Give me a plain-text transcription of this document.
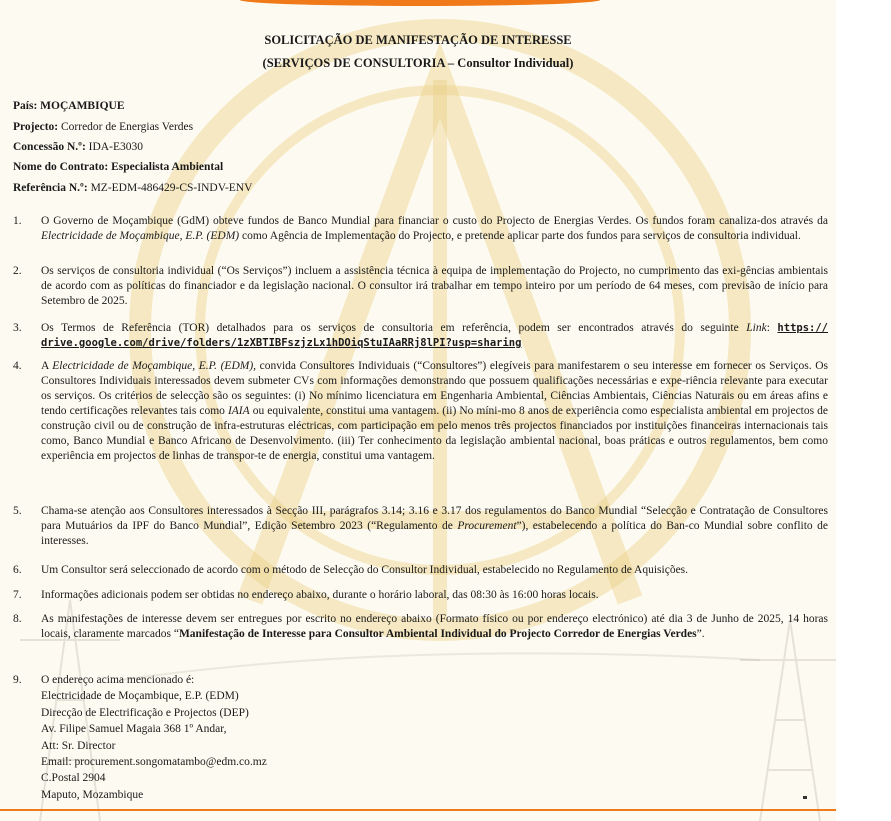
SOLICITAÇÃO DE MANIFESTAÇÃO DE INTERESSE
(SERVIÇOS DE CONSULTORIA – Consultor Individual)
País: MOÇAMBIQUE
Projecto: Corredor de Energias Verdes
Concessão N.º: IDA-E3030
Nome do Contrato: Especialista Ambiental
Referência N.º: MZ-EDM-486429-CS-INDV-ENV
1.	O Governo de Moçambique (GdM) obteve fundos de Banco Mundial para financiar o custo do Projecto de Energias Verdes. Os fundos foram canaliza-dos através da Electricidade de Moçambique, E.P. (EDM) como Agência de Implementação do Projecto, e pretende aplicar parte dos fundos para serviços de consultoria individual.

2.	Os serviços de consultoria individual (“Os Serviços”) incluem a assistência técnica à equipa de implementação do Projecto, no cumprimento das exi-gências ambientais de acordo com as políticas do financiador e da legislação nacional. O consultor irá trabalhar em tempo inteiro por um período de 64 meses, com previsão de início para Setembro de 2025.

3.	Os Termos de Referência (TOR) detalhados para os serviços de consultoria em referência, podem ser encontrados através do seguinte Link: https:// drive.google.com/drive/folders/1zXBTIBFszjzLx1hDOiqStuIAaRRj8lPI?usp=sharing

4.	A Electricidade de Moçambique, E.P. (EDM), convida Consultores Individuais (“Consultores”) elegíveis para manifestarem o seu interesse em fornecer os Serviços. Os Consultores Individuais interessados devem submeter CVs com informações demonstrando que possuem qualificações necessárias e expe-riência relevante para executar os serviços. Os critérios de selecção são os seguintes: (i) No mínimo licenciatura em Engenharia Ambiental, Ciências Ambientais, Ciências Naturais ou em áreas afins e tendo certificações relevantes tais como IAIA ou equivalente, constitui uma vantagem. (ii) No míni-mo 8 anos de experiência como especialista ambiental em projectos de construção civil ou de construção de infra-estruturas eléctricas, com participação em pelo menos três projectos financiados por instituições financeiras internacionais tais como, Banco Mundial e Banco Africano de Desenvolvimento. (iii) Ter conhecimento da legislação ambiental nacional, boas práticas e outros regulamentos, bem como experiência em projectos de linhas de transpor-te de energia, constitui uma vantagem.

5.	Chama-se atenção aos Consultores interessados à Secção III, parágrafos 3.14; 3.16 e 3.17 dos regulamentos do Banco Mundial “Selecção e Contratação de Consultores para Mutuários da IPF do Banco Mundial”, Edição Setembro 2023 (“Regulamento de Procurement”), estabelecendo a política do Ban-co Mundial sobre conflito de interesses.

6.	Um Consultor será seleccionado de acordo com o método de Selecção do Consultor Individual, estabelecido no Regulamento de Aquisições.

7.	Informações adicionais podem ser obtidas no endereço abaixo, durante o horário laboral, das 08:30 às 16:00 horas locais.

8.	As manifestações de interesse devem ser entregues por escrito no endereço abaixo (Formato físico ou por endereço electrónico) até dia 3 de Junho de 2025, 14 horas locais, claramente marcados “Manifestação de Interesse para Consultor Ambiental Individual do Projecto Corredor de Energias Verdes”.

9.	O endereço acima mencionado é:
Electricidade de Moçambique, E.P. (EDM)
Direcção de Electrificação e Projectos (DEP)
Av. Filipe Samuel Magaia 368 1º Andar,
Att: Sr. Director
Email: procurement.songomatambo@edm.co.mz
C.Postal 2904
Maputo, Mozambique
